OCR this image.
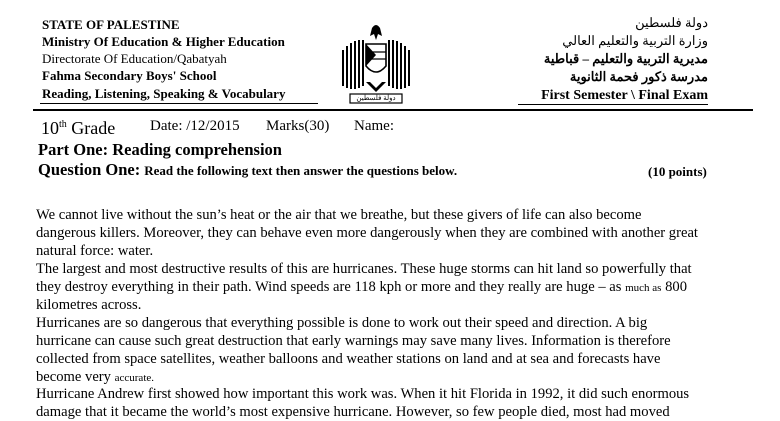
STATE OF PALESTINE
Ministry Of Education & Higher Education
Directorate Of Education/Qabatyah
Fahma Secondary Boys' School
Reading, Listening, Speaking & Vocabulary
دولة فلسطين
وزارة التربية والتعليم العالي
مديرية التربية والتعليم – قباطية
مدرسة ذكور فحمة الثانوية
First Semester \ Final Exam
دولة فلسطين
10th Grade Date: /12/2015 Marks(30) Name:
Part One: Reading comprehension
Question One: Read the following text then answer the questions below.	(10 points)
We cannot live without the sun’s heat or the air that we breathe, but these givers of life can also become
dangerous killers. Moreover, they can behave even more dangerously when they are combined with another great
natural force: water.
The largest and most destructive results of this are hurricanes. These huge storms can hit land so powerfully that
they destroy everything in their path. Wind speeds are 118 kph or more and they really are huge – as much as 800
kilometres across.
Hurricanes are so dangerous that everything possible is done to work out their speed and direction. A big
hurricane can cause such great destruction that early warnings may save many lives. Information is therefore
collected from space satellites, weather balloons and weather stations on land and at sea and forecasts have
become very accurate.
Hurricane Andrew first showed how important this work was. When it hit Florida in 1992, it did such enormous
damage that it became the world’s most expensive hurricane. However, so few people died, most had moved
